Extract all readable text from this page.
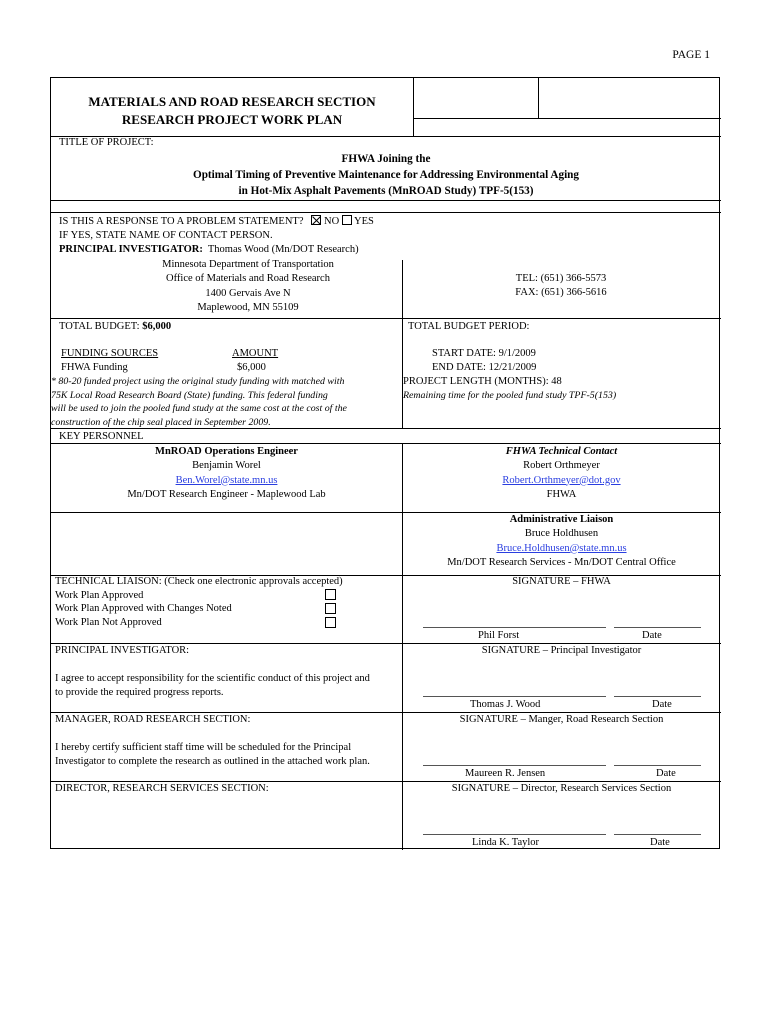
PAGE 1
MATERIALS AND ROAD RESEARCH SECTION
RESEARCH PROJECT WORK PLAN
TITLE OF PROJECT:
FHWA Joining the
Optimal Timing of Preventive Maintenance for Addressing Environmental Aging
in Hot-Mix Asphalt Pavements (MnROAD Study) TPF-5(153)
IS THIS A RESPONSE TO A PROBLEM STATEMENT? NO YES
IF YES, STATE NAME OF CONTACT PERSON.
PRINCIPAL INVESTIGATOR: Thomas Wood (Mn/DOT Research)
Minnesota Department of Transportation
Office of Materials and Road Research
1400 Gervais Ave N
Maplewood, MN 55109
TEL: (651) 366-5573
FAX: (651) 366-5616
TOTAL BUDGET: $6,000	TOTAL BUDGET PERIOD:
FUNDING SOURCES	AMOUNT
FHWA Funding	$6,000
* 80-20 funded project using the original study funding with matched with
75K Local Road Research Board (State) funding. This federal funding
will be used to join the pooled fund study at the same cost at the cost of the
construction of the chip seal placed in September 2009.
START DATE: 9/1/2009
END DATE: 12/21/2009
PROJECT LENGTH (MONTHS): 48
Remaining time for the pooled fund study TPF-5(153)
KEY PERSONNEL
MnROAD Operations Engineer
Benjamin Worel
Ben.Worel@state.mn.us
Mn/DOT Research Engineer - Maplewood Lab
FHWA Technical Contact
Robert Orthmeyer
Robert.Orthmeyer@dot.gov
FHWA
Administrative Liaison
Bruce Holdhusen
Bruce.Holdhusen@state.mn.us
Mn/DOT Research Services - Mn/DOT Central Office
TECHNICAL LIAISON: (Check one electronic approvals accepted)
Work Plan Approved
Work Plan Approved with Changes Noted
Work Plan Not Approved
SIGNATURE – FHWA
Phil Forst	Date
PRINCIPAL INVESTIGATOR:
I agree to accept responsibility for the scientific conduct of this project and
to provide the required progress reports.
SIGNATURE – Principal Investigator
Thomas J. Wood	Date
MANAGER, ROAD RESEARCH SECTION:
I hereby certify sufficient staff time will be scheduled for the Principal
Investigator to complete the research as outlined in the attached work plan.
SIGNATURE – Manger, Road Research Section
Maureen R. Jensen	Date
DIRECTOR, RESEARCH SERVICES SECTION:	SIGNATURE – Director, Research Services Section
Linda K. Taylor	Date
